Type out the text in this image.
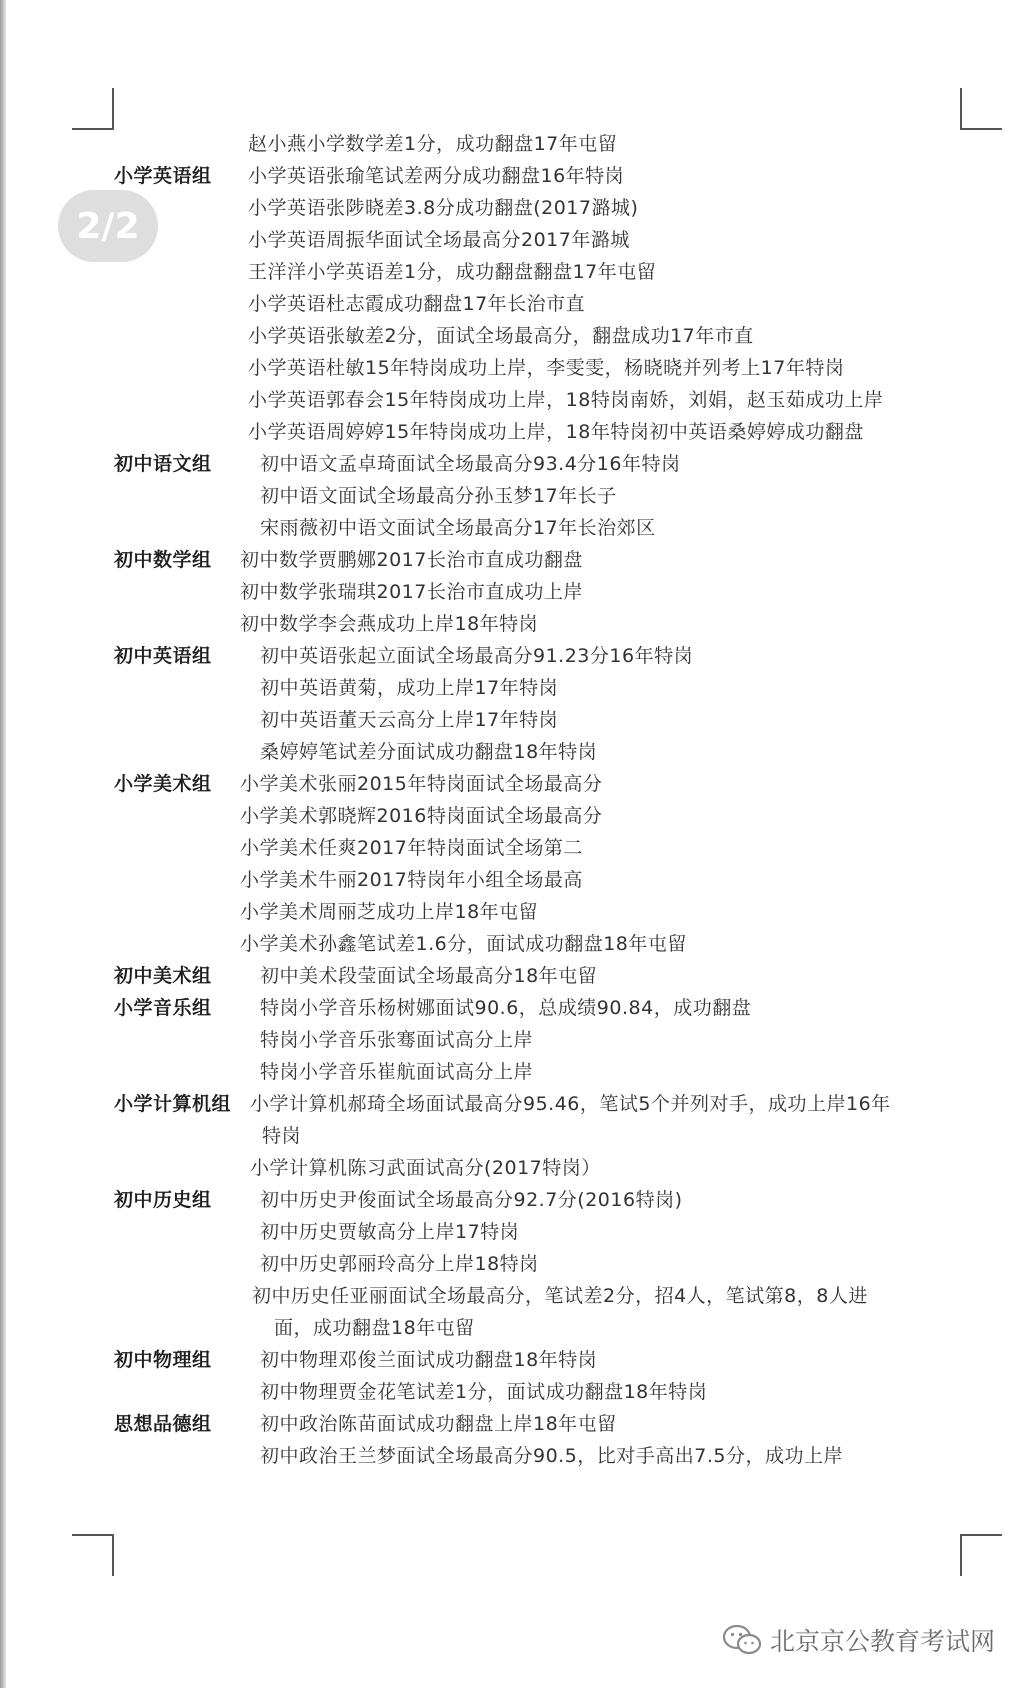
2/2
赵小燕小学数学差1分，成功翻盘17年屯留
小学英语组 小学英语张瑜笔试差两分成功翻盘16年特岗
小学英语张陟晓差3.8分成功翻盘(2017潞城)
小学英语周振华面试全场最高分2017年潞城
王洋洋小学英语差1分，成功翻盘翻盘17年屯留
小学英语杜志霞成功翻盘17年长治市直
小学英语张敏差2分，面试全场最高分，翻盘成功17年市直
小学英语杜敏15年特岗成功上岸，李雯雯，杨晓晓并列考上17年特岗
小学英语郭春会15年特岗成功上岸，18特岗南娇，刘娟，赵玉茹成功上岸
小学英语周婷婷15年特岗成功上岸，18年特岗初中英语桑婷婷成功翻盘
初中语文组	初中语文孟卓琦面试全场最高分93.4分16年特岗
初中语文面试全场最高分孙玉梦17年长子
宋雨薇初中语文面试全场最高分17年长治郊区
初中数学组 初中数学贾鹏娜2017长治市直成功翻盘
初中数学张瑞琪2017长治市直成功上岸
初中数学李会燕成功上岸18年特岗
初中英语组	初中英语张起立面试全场最高分91.23分16年特岗
初中英语黄菊，成功上岸17年特岗
初中英语董天云高分上岸17年特岗
桑婷婷笔试差分面试成功翻盘18年特岗
小学美术组 小学美术张丽2015年特岗面试全场最高分
小学美术郭晓辉2016特岗面试全场最高分
小学美术任爽2017年特岗面试全场第二
小学美术牛丽2017特岗年小组全场最高
小学美术周丽芝成功上岸18年屯留
小学美术孙鑫笔试差1.6分，面试成功翻盘18年屯留
初中美术组	初中美术段莹面试全场最高分18年屯留
小学音乐组	特岗小学音乐杨树娜面试90.6，总成绩90.84，成功翻盘
特岗小学音乐张骞面试高分上岸
特岗小学音乐崔航面试高分上岸
小学计算机组 小学计算机郝琦全场面试最高分95.46，笔试5个并列对手，成功上岸16年
特岗
小学计算机陈习武面试高分(2017特岗）
初中历史组	初中历史尹俊面试全场最高分92.7分(2016特岗)
初中历史贾敏高分上岸17特岗
初中历史郭丽玲高分上岸18特岗
初中历史任亚丽面试全场最高分，笔试差2分，招4人，笔试第8，8人进
面，成功翻盘18年屯留
初中物理组	初中物理邓俊兰面试成功翻盘18年特岗
初中物理贾金花笔试差1分，面试成功翻盘18年特岗
思想品德组	初中政治陈苗面试成功翻盘上岸18年屯留
初中政治王兰梦面试全场最高分90.5，比对手高出7.5分，成功上岸
北京京公教育考试网
